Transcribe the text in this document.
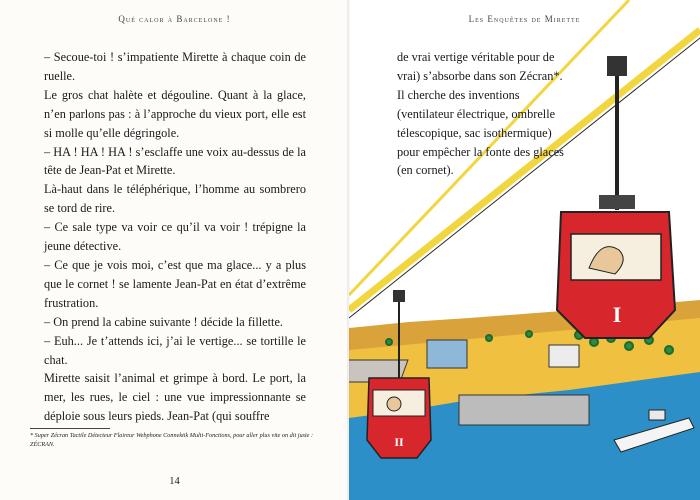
Qué calor à Barcelone !

– Secoue-toi ! s’impatiente Mirette à chaque coin de ruelle.

Le gros chat halète et dégouline. Quant à la glace, n’en parlons pas : à l’approche du vieux port, elle est si molle qu’elle dégringole.

– HA ! HA ! HA ! s’esclaffe une voix au-dessus de la tête de Jean-Pat et Mirette.

Là-haut dans le téléphérique, l’homme au sombrero se tord de rire.

– Ce sale type va voir ce qu’il va voir ! trépigne la jeune détective.

– Ce que je vois moi, c’est que ma glace... y a plus que le cornet ! se lamente Jean-Pat en état d’extrême frustration.

– On prend la cabine suivante ! décide la fillette.

– Euh... Je t’attends ici, j’ai le vertige... se tortille le chat.

Mirette saisit l’animal et grimpe à bord. Le port, la mer, les rues, le ciel : une vue impressionnante se déploie sous leurs pieds. Jean-Pat (qui souffre

* Super Zécran Tactile Détecteur Flaireur Webphone Connektik Multi-Fonctions, pour aller plus vite on dit juste : ZÉCRAN.
14
II
I
Les Enquêtes de Mirette

de vrai vertige véritable pour de vrai) s’absorbe dans son Zécran*.

Il cherche des inventions (ventilateur électrique, ombrelle télescopique, sac isothermique) pour empêcher la fonte des glaces (en cornet).
